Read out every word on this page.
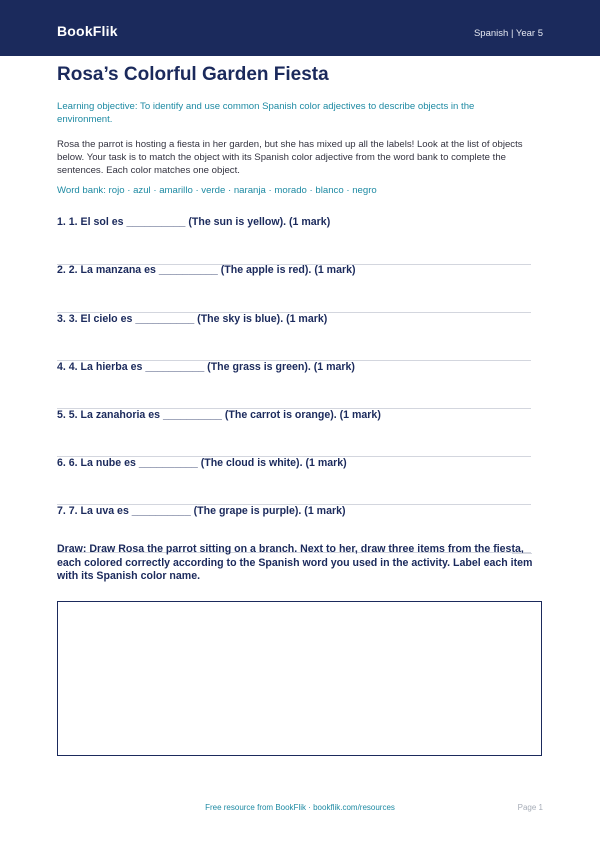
BookFlik	Spanish | Year 5
Rosa’s Colorful Garden Fiesta
Learning objective: To identify and use common Spanish color adjectives to describe objects in the environment.
Rosa the parrot is hosting a fiesta in her garden, but she has mixed up all the labels! Look at the list of objects below. Your task is to match the object with its Spanish color adjective from the word bank to complete the sentences. Each color matches one object.
Word bank: rojo · azul · amarillo · verde · naranja · morado · blanco · negro
1. 1. El sol es __________ (The sun is yellow). (1 mark)
2. 2. La manzana es __________ (The apple is red). (1 mark)
3. 3. El cielo es __________ (The sky is blue). (1 mark)
4. 4. La hierba es __________ (The grass is green). (1 mark)
5. 5. La zanahoria es __________ (The carrot is orange). (1 mark)
6. 6. La nube es __________ (The cloud is white). (1 mark)
7. 7. La uva es __________ (The grape is purple). (1 mark)
Draw: Draw Rosa the parrot sitting on a branch. Next to her, draw three items from the fiesta, each colored correctly according to the Spanish word you used in the activity. Label each item with its Spanish color name.
Free resource from BookFlik · bookflik.com/resources	Page 1
